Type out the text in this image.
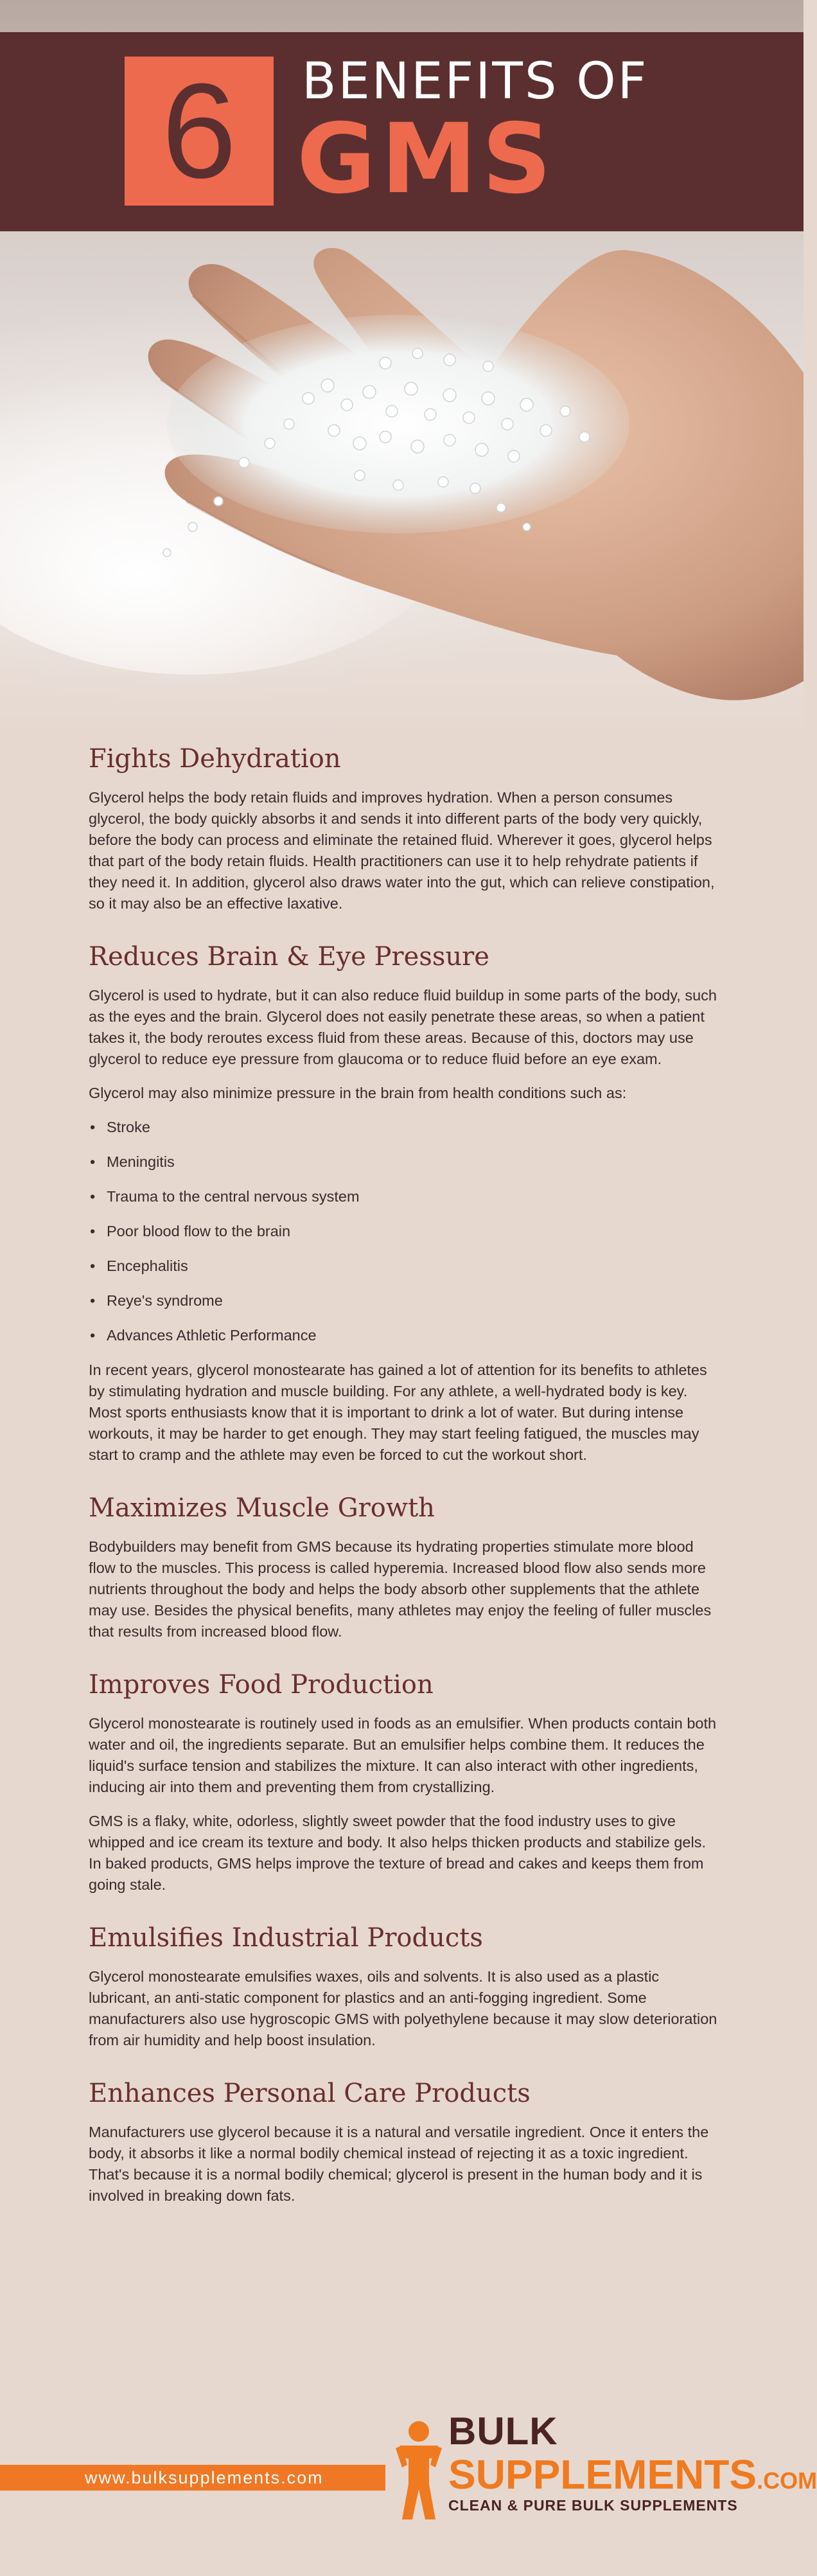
6	BENEFITS OF
GMS
Fights Dehydration

Glycerol helps the body retain fluids and improves hydration. When a person consumes glycerol, the body quickly absorbs it and sends it into different parts of the body very quickly, before the body can process and eliminate the retained fluid. Wherever it goes, glycerol helps that part of the body retain fluids. Health practitioners can use it to help rehydrate patients if they need it. In addition, glycerol also draws water into the gut, which can relieve constipation, so it may also be an effective laxative.

Reduces Brain & Eye Pressure

Glycerol is used to hydrate, but it can also reduce fluid buildup in some parts of the body, such as the eyes and the brain. Glycerol does not easily penetrate these areas, so when a patient takes it, the body reroutes excess fluid from these areas. Because of this, doctors may use glycerol to reduce eye pressure from glaucoma or to reduce fluid before an eye exam.

Glycerol may also minimize pressure in the brain from health conditions such as:

• Stroke
• Meningitis
• Trauma to the central nervous system
• Poor blood flow to the brain
• Encephalitis
• Reye's syndrome
• Advances Athletic Performance

In recent years, glycerol monostearate has gained a lot of attention for its benefits to athletes by stimulating hydration and muscle building. For any athlete, a well-hydrated body is key. Most sports enthusiasts know that it is important to drink a lot of water. But during intense workouts, it may be harder to get enough. They may start feeling fatigued, the muscles may start to cramp and the athlete may even be forced to cut the workout short.

Maximizes Muscle Growth

Bodybuilders may benefit from GMS because its hydrating properties stimulate more blood flow to the muscles. This process is called hyperemia. Increased blood flow also sends more nutrients throughout the body and helps the body absorb other supplements that the athlete may use. Besides the physical benefits, many athletes may enjoy the feeling of fuller muscles that results from increased blood flow.

Improves Food Production

Glycerol monostearate is routinely used in foods as an emulsifier. When products contain both water and oil, the ingredients separate. But an emulsifier helps combine them. It reduces the liquid's surface tension and stabilizes the mixture. It can also interact with other ingredients, inducing air into them and preventing them from crystallizing.

GMS is a flaky, white, odorless, slightly sweet powder that the food industry uses to give whipped and ice cream its texture and body. It also helps thicken products and stabilize gels. In baked products, GMS helps improve the texture of bread and cakes and keeps them from going stale.

Emulsifies Industrial Products

Glycerol monostearate emulsifies waxes, oils and solvents. It is also used as a plastic lubricant, an anti-static component for plastics and an anti-fogging ingredient. Some manufacturers also use hygroscopic GMS with polyethylene because it may slow deterioration from air humidity and help boost insulation.

Enhances Personal Care Products

Manufacturers use glycerol because it is a natural and versatile ingredient. Once it enters the body, it absorbs it like a normal bodily chemical instead of rejecting it as a toxic ingredient. That's because it is a normal bodily chemical; glycerol is present in the human body and it is involved in breaking down fats.

www.bulksupplements.com
BULK
SUPPLEMENTS.COM
CLEAN & PURE BULK SUPPLEMENTS
